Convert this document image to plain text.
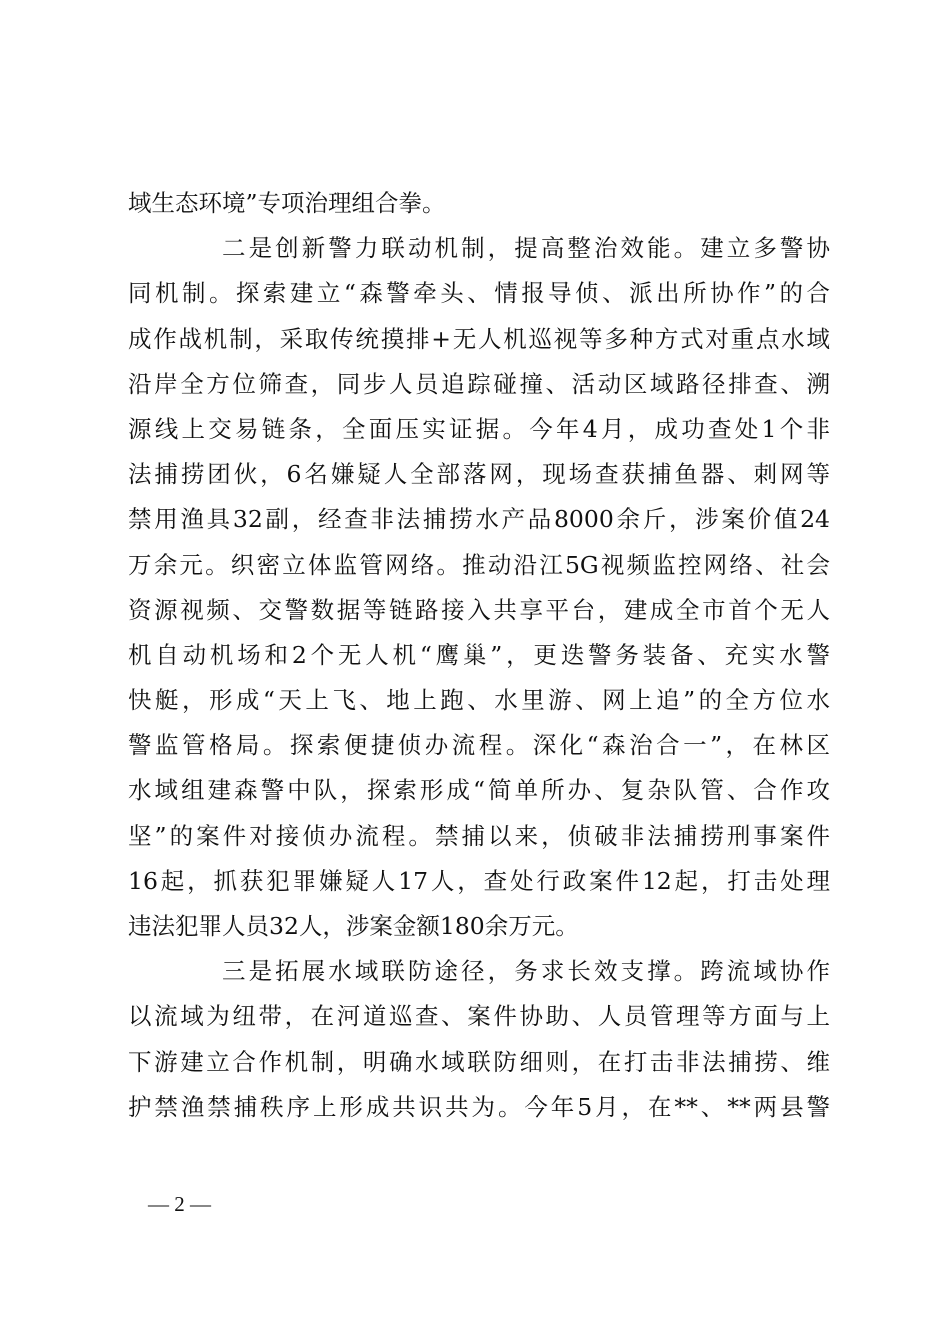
域生态环境”专项治理组合拳。
二是创新警力联动机制，提高整治效能。建立多警协
同机制。探索建立“森警牵头、情报导侦、派出所协作”的合
成作战机制，采取传统摸排+无人机巡视等多种方式对重点水域
沿岸全方位筛查，同步人员追踪碰撞、活动区域路径排查、溯
源线上交易链条，全面压实证据。今年4月，成功查处1个非
法捕捞团伙，6名嫌疑人全部落网，现场查获捕鱼器、刺网等
禁用渔具32副，经查非法捕捞水产品8000余斤，涉案价值24
万余元。织密立体监管网络。推动沿江5G视频监控网络、社会
资源视频、交警数据等链路接入共享平台，建成全市首个无人
机自动机场和2个无人机“鹰巢”，更迭警务装备、充实水警
快艇，形成“天上飞、地上跑、水里游、网上追”的全方位水
警监管格局。探索便捷侦办流程。深化“森治合一”，在林区
水域组建森警中队，探索形成“简单所办、复杂队管、合作攻
坚”的案件对接侦办流程。禁捕以来，侦破非法捕捞刑事案件
16起，抓获犯罪嫌疑人17人，查处行政案件12起，打击处理
违法犯罪人员32人，涉案金额180余万元。
三是拓展水域联防途径，务求长效支撑。跨流域协作
以流域为纽带，在河道巡查、案件协助、人员管理等方面与上
下游建立合作机制，明确水域联防细则，在打击非法捕捞、维
护禁渔禁捕秩序上形成共识共为。今年5月，在**、**两县警
— 2 —
